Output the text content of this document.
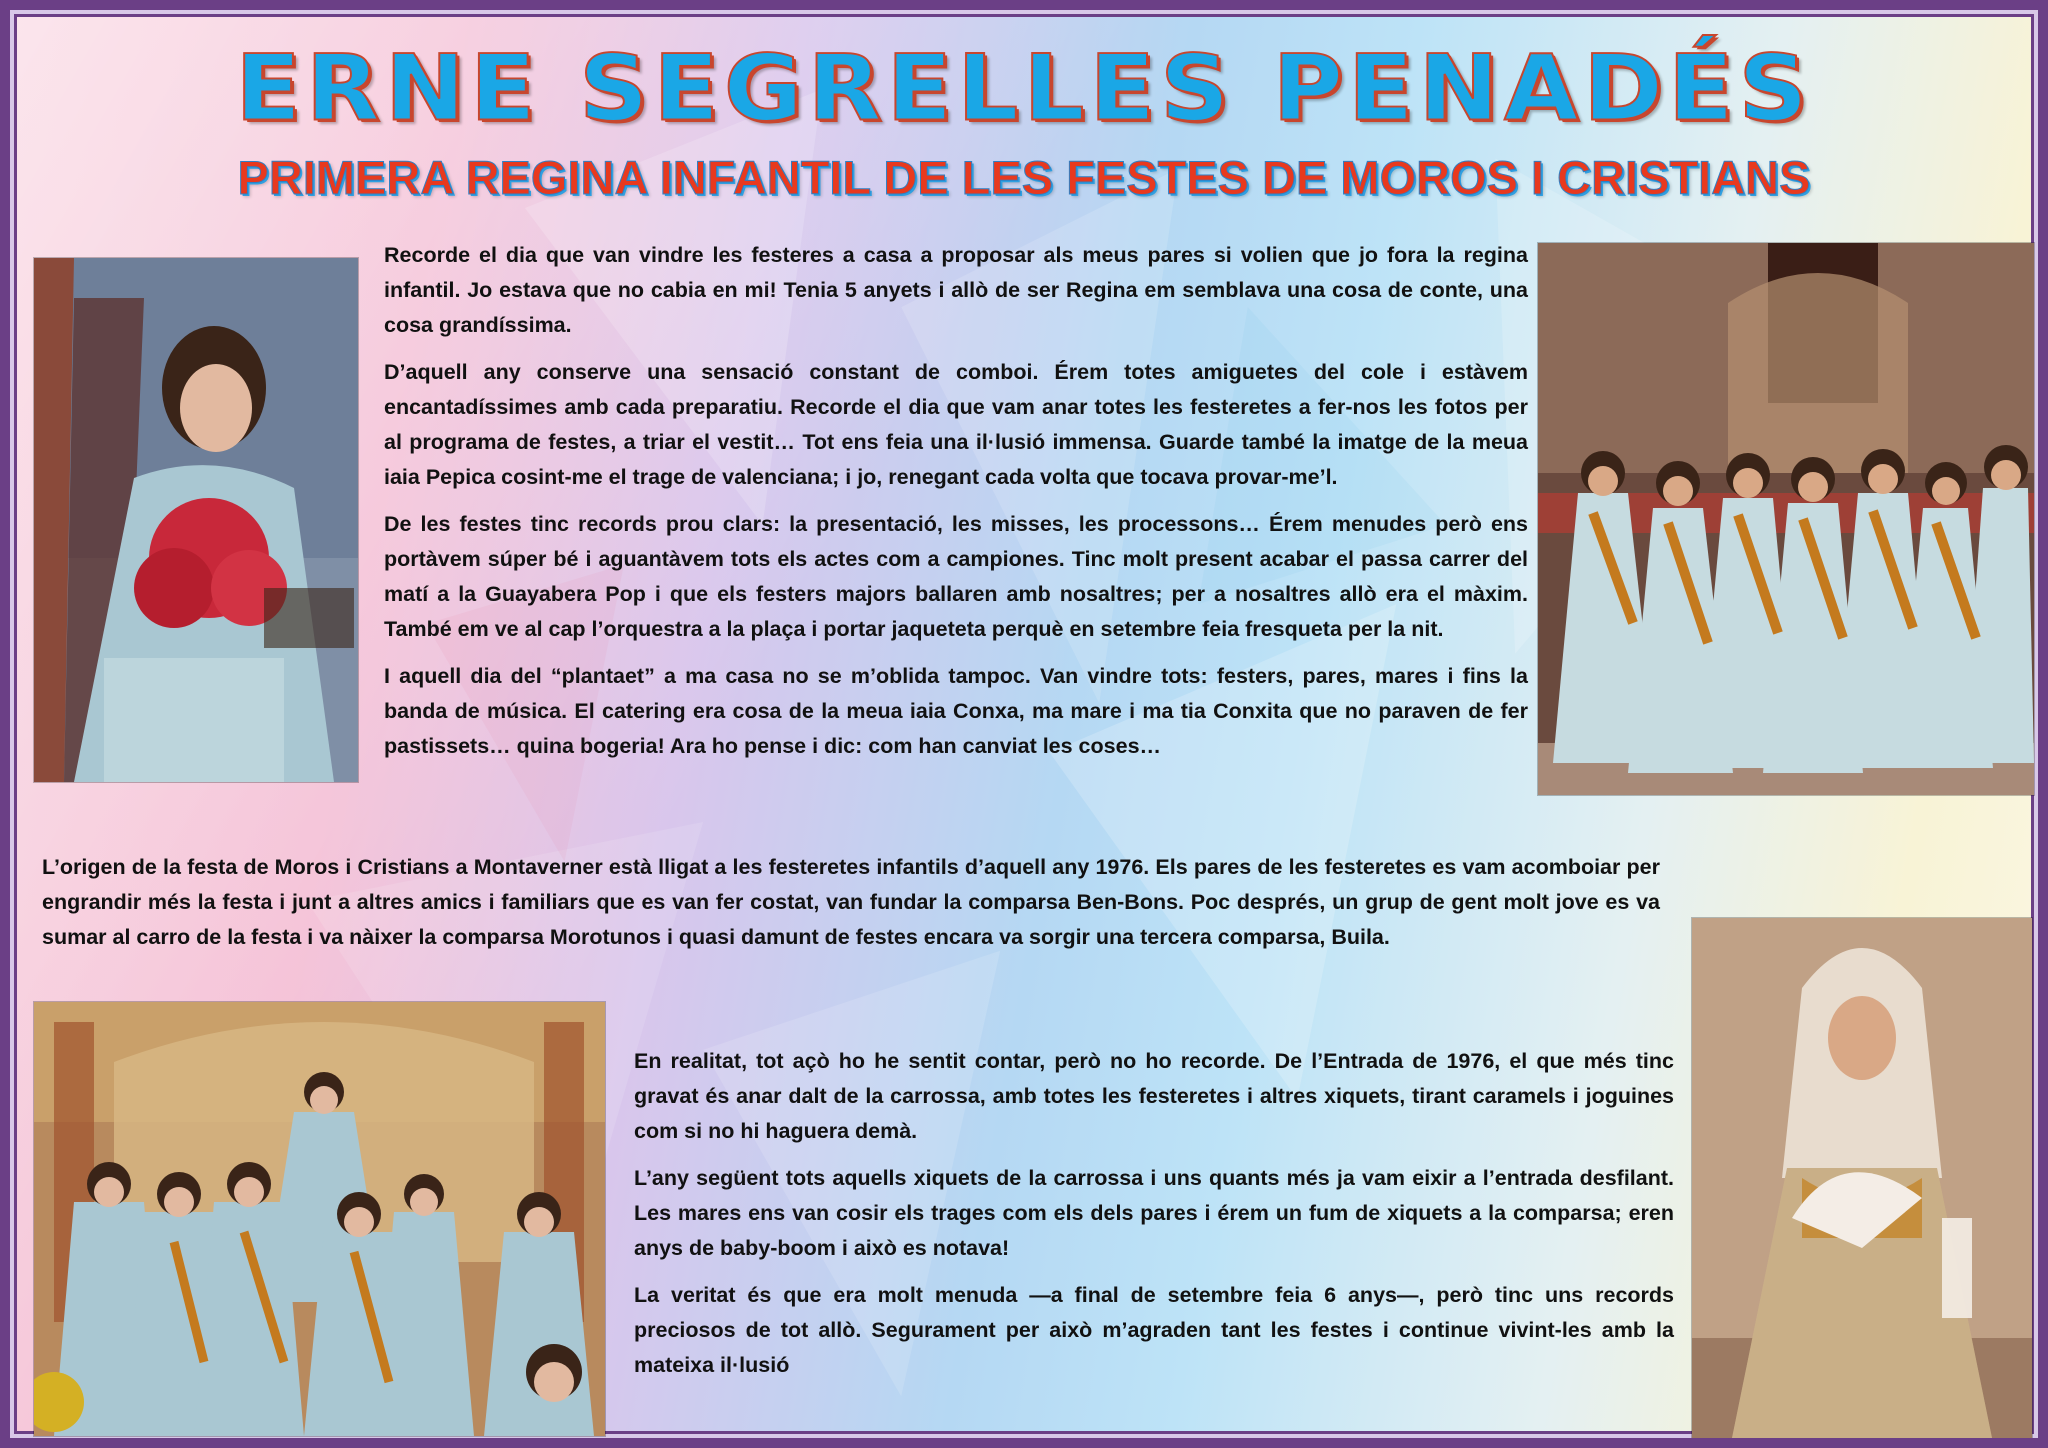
ERNE SEGRELLES PENADÉS
PRIMERA REGINA INFANTIL DE LES FESTES DE MOROS I CRISTIANS

Recorde el dia que van vindre les festeres a casa a proposar als meus pares si volien que jo fora la regina infantil. Jo estava que no cabia en mi! Tenia 5 anyets i allò de ser Regina em semblava una cosa de conte, una cosa grandíssima.

D’aquell any conserve una sensació constant de comboi. Érem totes amiguetes del cole i estàvem encantadíssimes amb cada preparatiu. Recorde el dia que vam anar totes les festeretes a fer-nos les fotos per al programa de festes, a triar el vestit… Tot ens feia una il·lusió immensa. Guarde també la imatge de la meua iaia Pepica cosint-me el trage de valenciana; i jo, renegant cada volta que tocava provar-me’l.

De les festes tinc records prou clars: la presentació, les misses, les processons… Érem menudes però ens portàvem súper bé i aguantàvem tots els actes com a campiones. Tinc molt present acabar el passa carrer del matí a la Guayabera Pop i que els festers majors ballaren amb nosaltres; per a nosaltres allò era el màxim. També em ve al cap l’orquestra a la plaça i portar jaqueteta perquè en setembre feia fresqueta per la nit.

I aquell dia del “plantaet” a ma casa no se m’oblida tampoc. Van vindre tots: festers, pares, mares i fins la banda de música. El catering era cosa de la meua iaia Conxa, ma mare i ma tia Conxita que no paraven de fer pastissets… quina bogeria! Ara ho pense i dic: com han canviat les coses…

L’origen de la festa de Moros i Cristians a Montaverner està lligat a les festeretes infantils d’aquell any 1976. Els pares de les festeretes es vam acomboiar per engrandir més la festa i junt a altres amics i familiars que es van fer costat, van fundar la comparsa Ben-Bons. Poc després, un grup de gent molt jove es va sumar al carro de la festa i va nàixer la comparsa Morotunos i quasi damunt de festes encara va sorgir una tercera comparsa, Buila.

En realitat, tot açò ho he sentit contar, però no ho recorde. De l’Entrada de 1976, el que més tinc gravat és anar dalt de la carrossa, amb totes les festeretes i altres xiquets, tirant caramels i joguines com si no hi haguera demà.

L’any següent tots aquells xiquets de la carrossa i uns quants més ja vam eixir a l’entrada desfilant. Les mares ens van cosir els trages com els dels pares i érem un fum de xiquets a la comparsa; eren anys de baby-boom i això es notava!

La veritat és que era molt menuda —a final de setembre feia 6 anys—, però tinc uns records preciosos de tot allò. Segurament per això m’agraden tant les festes i continue vivint-les amb la mateixa il·lusió
